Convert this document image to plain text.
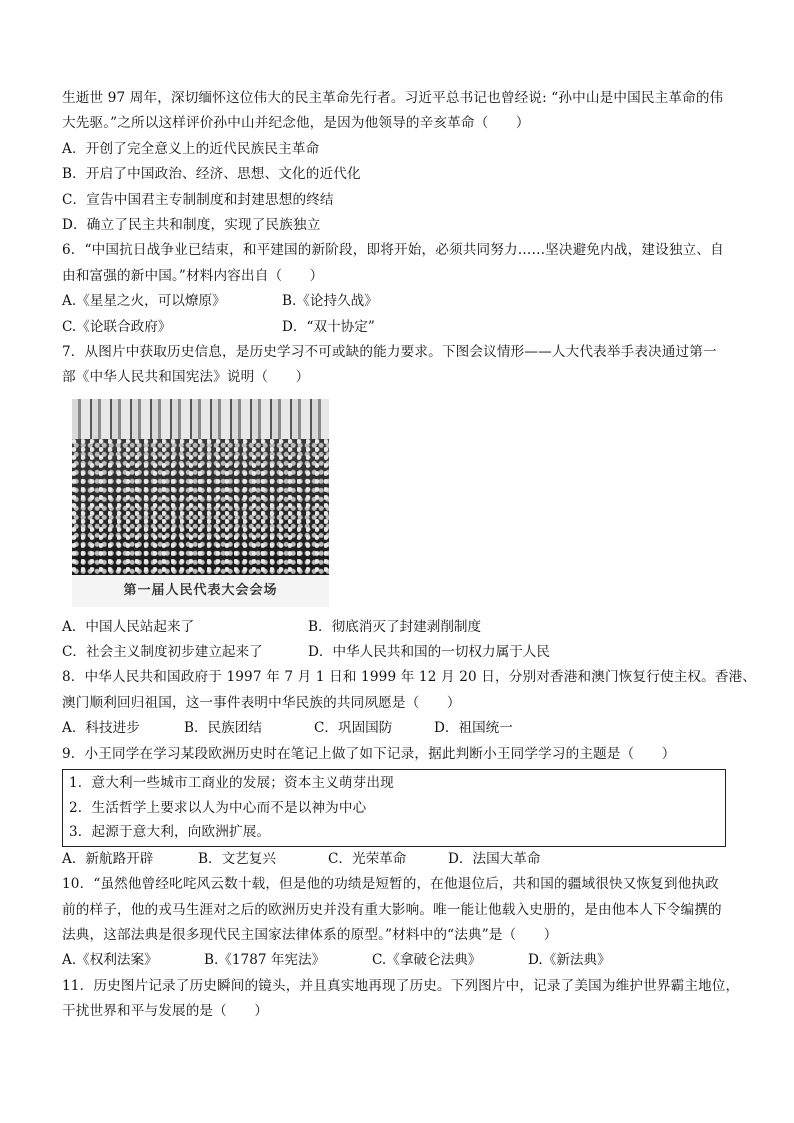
生逝世 97 周年，深切缅怀这位伟大的民主革命先行者。习近平总书记也曾经说: “孙中山是中国民主革命的伟
大先驱。”之所以这样评价孙中山并纪念他，是因为他领导的辛亥革命（　　）
A．开创了完全意义上的近代民族民主革命
B．开启了中国政治、经济、思想、文化的近代化
C．宣告中国君主专制制度和封建思想的终结
D．确立了民主共和制度，实现了民族独立
6．“中国抗日战争业已结束，和平建国的新阶段，即将开始，必须共同努力……坚决避免内战，建设独立、自
由和富强的新中国。”材料内容出自（　　）
A.《星星之火，可以燎原》	B.《论持久战》
C.《论联合政府》	D．“双十协定”
7．从图片中获取历史信息，是历史学习不可或缺的能力要求。下图会议情形——人大代表举手表决通过第一
部《中华人民共和国宪法》说明（　　）
第一届人民代表大会会场
A．中国人民站起来了	B．彻底消灭了封建剥削制度
C．社会主义制度初步建立起来了	D．中华人民共和国的一切权力属于人民
8．中华人民共和国政府于 1997 年 7 月 1 日和 1999 年 12 月 20 日，分别对香港和澳门恢复行使主权。香港、
澳门顺利回归祖国，这一事件表明中华民族的共同夙愿是（　　）
A．科技进步	B．民族团结	C．巩固国防	D．祖国统一
9．小王同学在学习某段欧洲历史时在笔记上做了如下记录，据此判断小王同学学习的主题是（　　）
1．意大利一些城市工商业的发展；资本主义萌芽出现
2．生活哲学上要求以人为中心而不是以神为中心
3．起源于意大利，向欧洲扩展。
A．新航路开辟	B．文艺复兴	C．光荣革命	D．法国大革命
10．“虽然他曾经叱咤风云数十载，但是他的功绩是短暂的，在他退位后，共和国的疆域很快又恢复到他执政
前的样子，他的戎马生涯对之后的欧洲历史并没有重大影响。唯一能让他载入史册的，是由他本人下令编撰的
法典，这部法典是很多现代民主国家法律体系的原型。”材料中的“法典”是（　　）
A.《权利法案》	B.《1787 年宪法》	C.《拿破仑法典》	D.《新法典》
11．历史图片记录了历史瞬间的镜头，并且真实地再现了历史。下列图片中，记录了美国为维护世界霸主地位，
干扰世界和平与发展的是（　　）
